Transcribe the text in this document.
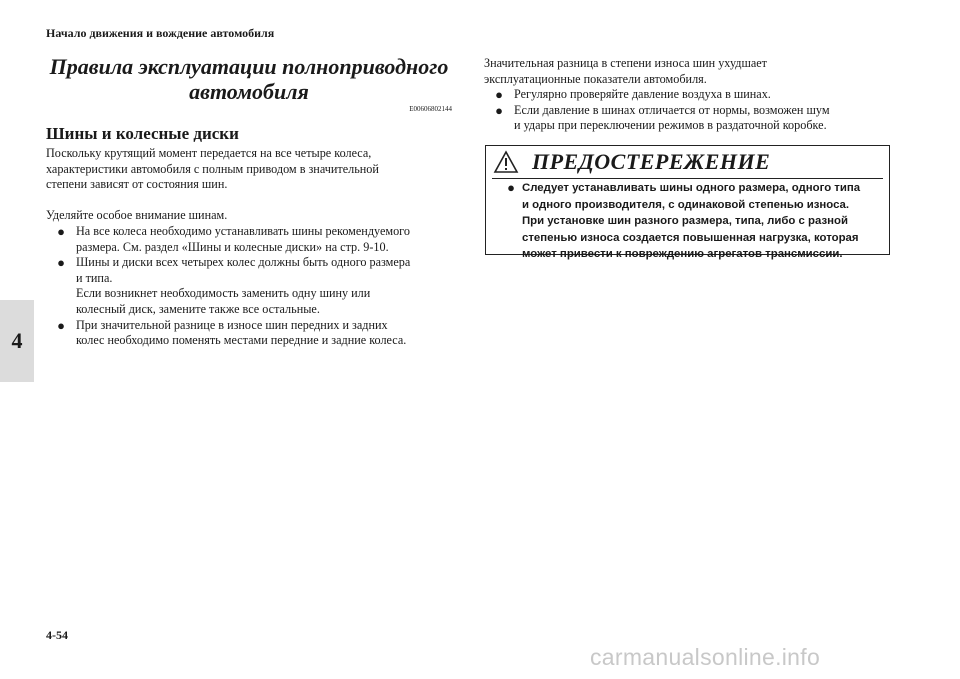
Начало движения и вождение автомобиля
4
Правила эксплуатации полноприводного
автомобиля
E00606802144
Шины и колесные диски

Поскольку крутящий момент передается на все четыре колеса,
характеристики автомобиля с полным приводом в значительной
степени зависят от состояния шин.

Уделяйте особое внимание шинам.

● На все колеса необходимо устанавливать шины рекомендуемого
размера. См. раздел «Шины и колесные диски» на стр. 9-10.
● Шины и диски всех четырех колес должны быть одного размера
и типа.
Если возникнет необходимость заменить одну шину или
колесный диск, замените также все остальные.
● При значительной разнице в износе шин передних и задних
колес необходимо поменять местами передние и задние колеса.

Значительная разница в степени износа шин ухудшает
эксплуатационные показатели автомобиля.

● Регулярно проверяйте давление воздуха в шинах.
● Если давление в шинах отличается от нормы, возможен шум
и удары при переключении режимов в раздаточной коробке.
ПРЕДОСТЕРЕЖЕНИЕ
● Следует устанавливать шины одного размера, одного типа
и одного производителя, с одинаковой степенью износа.
При установке шин разного размера, типа, либо с разной
степенью износа создается повышенная нагрузка, которая
может привести к повреждению агрегатов трансмиссии.
4-54
carmanualsonline.info
